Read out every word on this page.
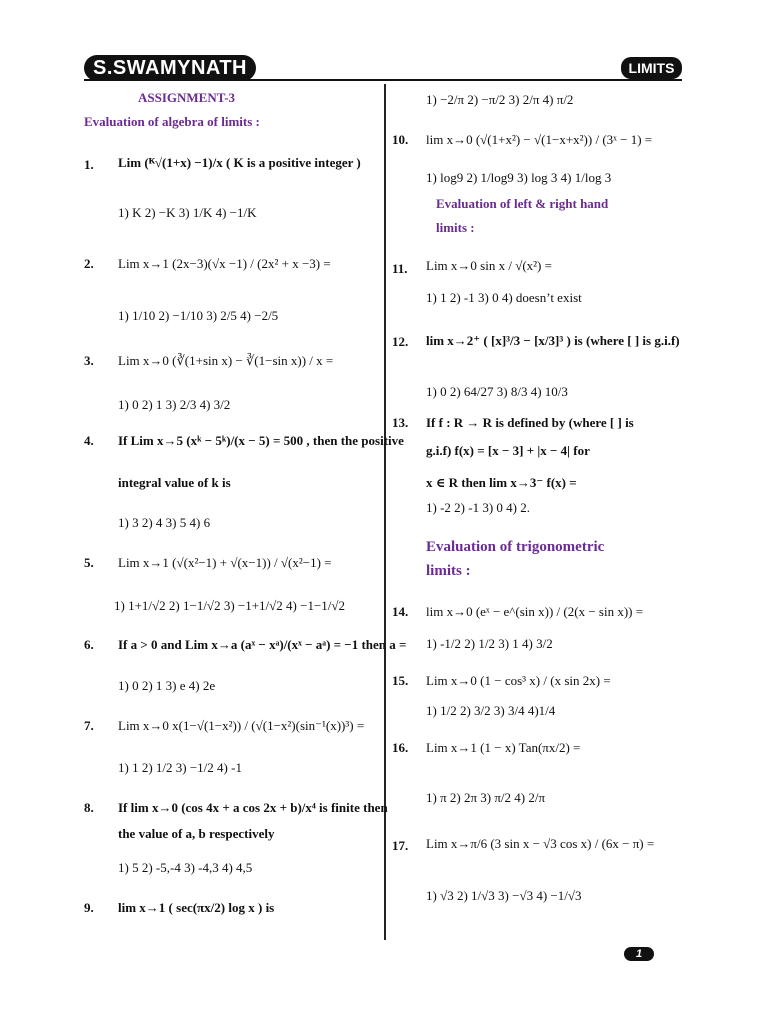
S.SWAMYNATH	LIMITS
ASSIGNMENT-3
Evaluation of algebra of limits :
1. Lim (ᴷ√(1+x) −1)/x ( K is a positive integer )
1) K 2) −K 3) 1/K 4) −1/K
2. Lim x→1 (2x−3)(√x −1) / (2x² + x −3) =
1) 1/10 2) −1/10 3) 2/5 4) −2/5
3. Lim x→0 (∛(1+sin x) − ∛(1−sin x)) / x =
1) 0 2) 1 3) 2/3 4) 3/2
4. If Lim x→5 (xᵏ − 5ᵏ)/(x − 5) = 500 , then the positive
integral value of k is
1) 3 2) 4 3) 5 4) 6
5. Lim x→1 (√(x²−1) + √(x−1)) / √(x²−1) =
1) 1+1/√2 2) 1−1/√2 3) −1+1/√2 4) −1−1/√2
6. If a > 0 and Lim x→a (aˣ − xᵃ)/(xˣ − aᵃ) = −1 then a =
1) 0 2) 1 3) e 4) 2e
7. Lim x→0 x(1−√(1−x²)) / (√(1−x²)(sin⁻¹(x))³) =
1) 1 2) 1/2 3) −1/2 4) -1
8. If lim x→0 (cos 4x + a cos 2x + b)/x⁴ is finite then
the value of a, b respectively
1) 5 2) -5,-4 3) -4,3 4) 4,5
9. lim x→1 ( sec(πx/2) log x ) is
1) −2/π 2) −π/2 3) 2/π 4) π/2
10. lim x→0 (√(1+x²) − √(1−x+x²)) / (3ˣ − 1) =
1) log9 2) 1/log9 3) log 3 4) 1/log 3
Evaluation of left & right hand
limits :
11. Lim x→0 sin x / √(x²) =
1) 1 2) -1 3) 0 4) doesn’t exist
12. lim x→2⁺ ( [x]³/3 − [x/3]³ ) is (where [ ] is g.i.f)
1) 0 2) 64/27 3) 8/3 4) 10/3
13. If f : R → R is defined by (where [ ] is
g.i.f) f(x) = [x − 3] + |x − 4| for
x ∈ R then lim x→3⁻ f(x) =
1) -2 2) -1 3) 0 4) 2.
Evaluation of trigonometric
limits :
14. lim x→0 (eˣ − e^(sin x)) / (2(x − sin x)) =
1) -1/2 2) 1/2 3) 1 4) 3/2
15. Lim x→0 (1 − cos³ x) / (x sin 2x) =
1) 1/2 2) 3/2 3) 3/4 4)1/4
16. Lim x→1 (1 − x) Tan(πx/2) =
1) π 2) 2π 3) π/2 4) 2/π
17. Lim x→π/6 (3 sin x − √3 cos x) / (6x − π) =
1) √3 2) 1/√3 3) −√3 4) −1/√3
1
